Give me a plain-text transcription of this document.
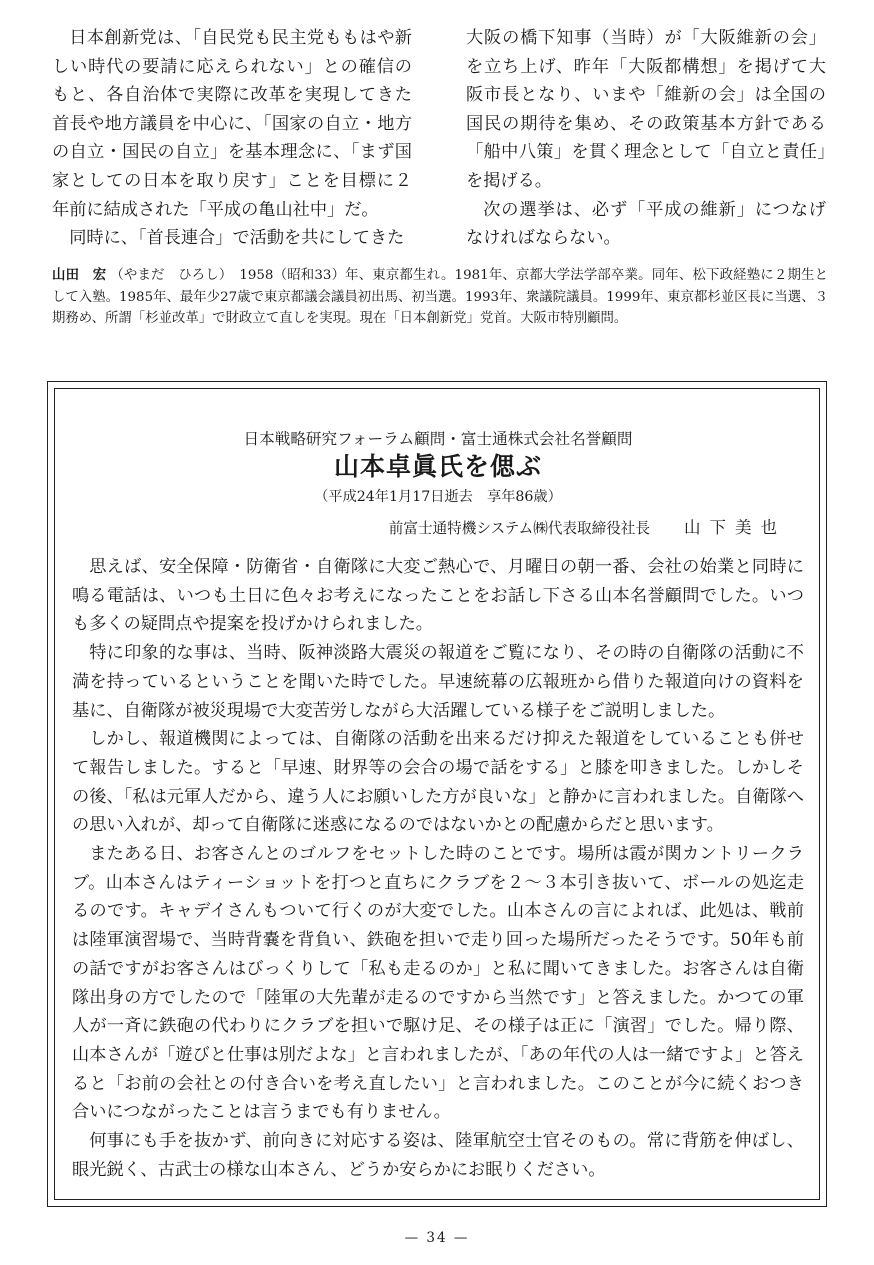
日本創新党は、「自民党も民主党ももはや新しい時代の要請に応えられない」との確信のもと、各自治体で実際に改革を実現してきた首長や地方議員を中心に、「国家の自立・地方の自立・国民の自立」を基本理念に、「まず国家としての日本を取り戻す」ことを目標に２年前に結成された「平成の亀山社中」だ。

同時に、「首長連合」で活動を共にしてきた

大阪の橋下知事（当時）が「大阪維新の会」を立ち上げ、昨年「大阪都構想」を掲げて大阪市長となり、いまや「維新の会」は全国の国民の期待を集め、その政策基本方針である「船中八策」を貫く理念として「自立と責任」を掲げる。

次の選挙は、必ず「平成の維新」につなげなければならない。

山田　宏 （やまだ　ひろし）　1958（昭和33）年、東京都生れ。1981年、京都大学法学部卒業。同年、松下政経塾に２期生として入塾。1985年、最年少27歳で東京都議会議員初出馬、初当選。1993年、衆議院議員。1999年、東京都杉並区長に当選、３期務め、所謂「杉並改革」で財政立て直しを実現。現在「日本創新党」党首。大阪市特別顧問。
日本戦略研究フォーラム顧問・富士通株式会社名誉顧問
山本卓眞氏を偲ぶ
（平成24年1月17日逝去　享年86歳）
前富士通特機システム㈱代表取締役社長 山下美也

思えば、安全保障・防衛省・自衛隊に大変ご熱心で、月曜日の朝一番、会社の始業と同時に鳴る電話は、いつも土日に色々お考えになったことをお話し下さる山本名誉顧問でした。いつも多くの疑問点や提案を投げかけられました。

特に印象的な事は、当時、阪神淡路大震災の報道をご覧になり、その時の自衛隊の活動に不満を持っているということを聞いた時でした。早速統幕の広報班から借りた報道向けの資料を基に、自衛隊が被災現場で大変苦労しながら大活躍している様子をご説明しました。

しかし、報道機関によっては、自衛隊の活動を出来るだけ抑えた報道をしていることも併せて報告しました。すると「早速、財界等の会合の場で話をする」と膝を叩きました。しかしその後、「私は元軍人だから、違う人にお願いした方が良いな」と静かに言われました。自衛隊への思い入れが、却って自衛隊に迷惑になるのではないかとの配慮からだと思います。

またある日、お客さんとのゴルフをセットした時のことです。場所は霞が関カントリークラブ。山本さんはティーショットを打つと直ちにクラブを２～３本引き抜いて、ボールの処迄走るのです。キャデイさんもついて行くのが大変でした。山本さんの言によれば、此処は、戦前は陸軍演習場で、当時背嚢を背負い、鉄砲を担いで走り回った場所だったそうです。50年も前の話ですがお客さんはびっくりして「私も走るのか」と私に聞いてきました。お客さんは自衛隊出身の方でしたので「陸軍の大先輩が走るのですから当然です」と答えました。かつての軍人が一斉に鉄砲の代わりにクラブを担いで駆け足、その様子は正に「演習」でした。帰り際、山本さんが「遊びと仕事は別だよな」と言われましたが、「あの年代の人は一緒ですよ」と答えると「お前の会社との付き合いを考え直したい」と言われました。このことが今に続くおつき合いにつながったことは言うまでも有りません。

何事にも手を抜かず、前向きに対応する姿は、陸軍航空士官そのもの。常に背筋を伸ばし、眼光鋭く、古武士の様な山本さん、どうか安らかにお眠りください。

— 34 —
